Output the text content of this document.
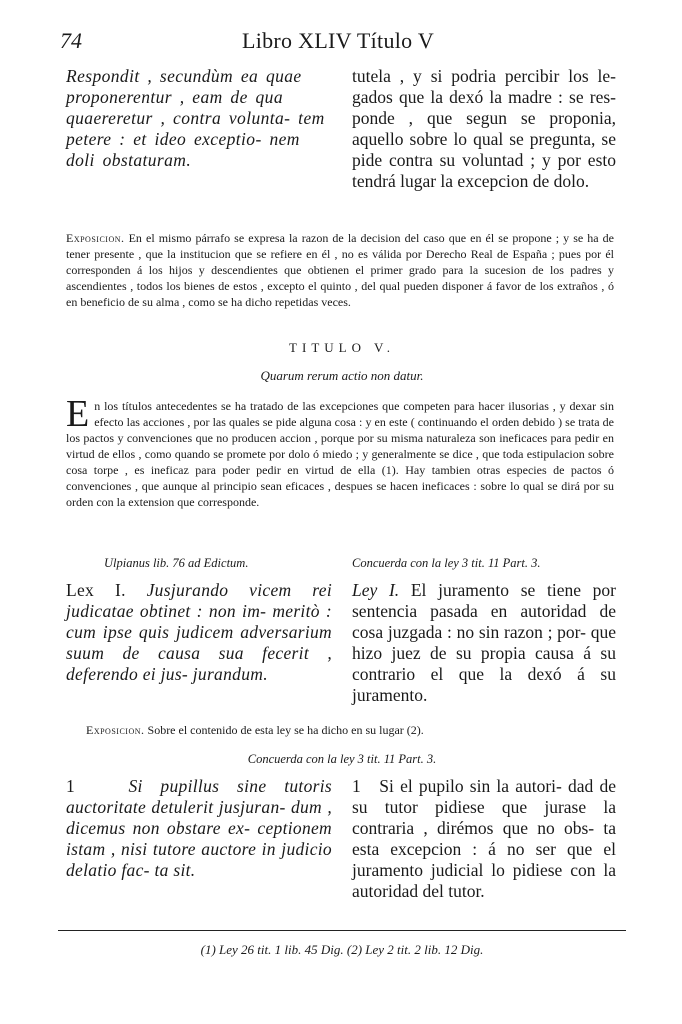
74	Libro XLIV Título V

Respondit , secundùm ea quae proponerentur , eam de qua quaereretur , contra volunta- tem petere : et ideo exceptio- nem doli obstaturam.

tutela , y si podria percibir los le- gados que la dexó la madre : se res- ponde , que segun se proponia, aquello sobre lo qual se pregunta, se pide contra su voluntad ; y por esto tendrá lugar la excepcion de dolo.

Exposicion. En el mismo párrafo se expresa la razon de la decision del caso que en él se propone ; y se ha de tener presente , que la institucion que se refiere en él , no es válida por Derecho Real de España ; pues por él corresponden á los hijos y descendientes que obtienen el primer grado para la sucesion de los padres y ascendientes , todos los bienes de estos , excepto el quinto , del qual pueden disponer á favor de los extraños , ó en beneficio de su alma , como se ha dicho repetidas veces.

TITULO V.
Quarum rerum actio non datur.
E n los títulos antecedentes se ha tratado de las excepciones que competen para hacer ilusorias , y dexar sin efecto las acciones , por las quales se pide alguna cosa : y en este ( continuando el orden debido ) se trata de los pactos y convenciones que no producen accion , porque por su misma naturaleza son ineficaces para pedir en virtud de ellos , como quando se promete por dolo ó miedo ; y generalmente se dice , que toda estipulacion sobre cosa torpe , es ineficaz para poder pedir en virtud de ella (1). Hay tambien otras especies de pactos ó convenciones , que aunque al principio sean eficaces , despues se hacen ineficaces : sobre lo qual se dirá por su orden con la extension que corresponde.
Ulpianus lib. 76 ad Edictum.	Concuerda con la ley 3 tit. 11 Part. 3.

Lex I. Jusjurando vicem rei judicatae obtinet : non im- meritò : cum ipse quis judicem adversarium suum de causa sua fecerit , deferendo ei jus- jurandum.

Ley I. El juramento se tiene por sentencia pasada en autoridad de cosa juzgada : no sin razon ; por- que hizo juez de su propia causa á su contrario el que la dexó á su juramento.

Exposicion. Sobre el contenido de esta ley se ha dicho en su lugar (2).

Concuerda con la ley 3 tit. 11 Part. 3.

1	Si pupillus sine tutoris auctoritate detulerit jusjuran- dum , dicemus non obstare ex- ceptionem istam , nisi tutore auctore in judicio delatio fac- ta sit.

1 Si el pupilo sin la autori- dad de su tutor pidiese que jurase la contraria , dirémos que no obs- ta esta excepcion : á no ser que el juramento judicial lo pidiese con la autoridad del tutor.

(1) Ley 26 tit. 1 lib. 45 Dig. (2) Ley 2 tit. 2 lib. 12 Dig.
